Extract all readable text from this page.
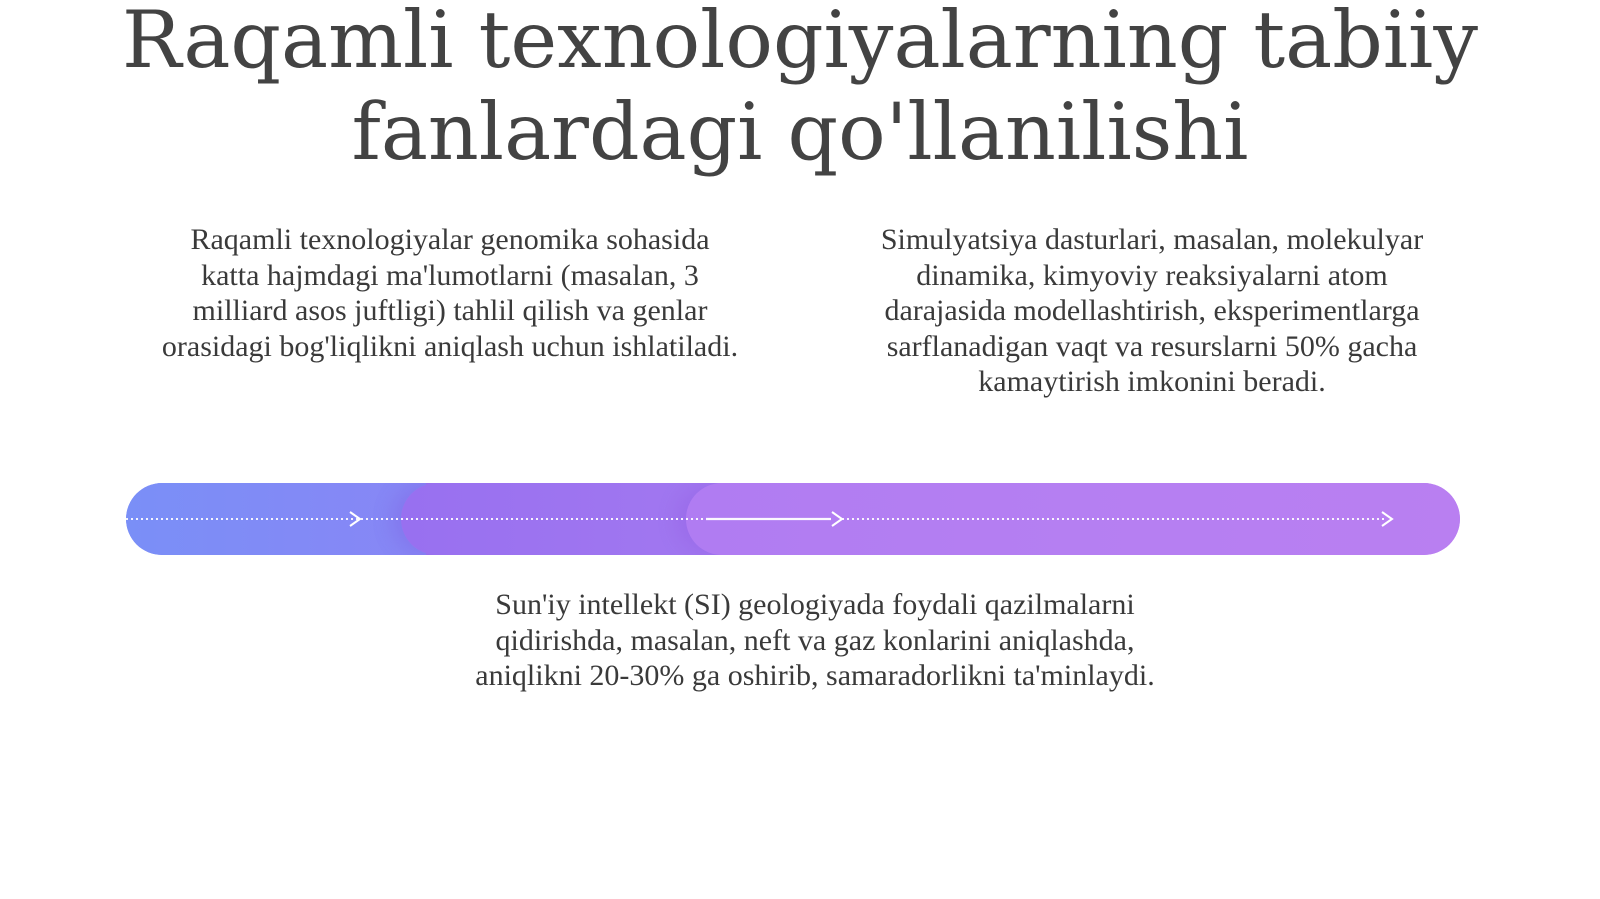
Raqamli texnologiyalarning tabiiy fanlardagi qo'llanilishi
Raqamli texnologiyalar genomika sohasida katta hajmdagi ma'lumotlarni (masalan, 3 milliard asos juftligi) tahlil qilish va genlar orasidagi bog'liqlikni aniqlash uchun ishlatiladi.
Simulyatsiya dasturlari, masalan, molekulyar dinamika, kimyoviy reaksiyalarni atom darajasida modellashtirish, eksperimentlarga sarflanadigan vaqt va resurslarni 50% gacha kamaytirish imkonini beradi.
Sun'iy intellekt (SI) geologiyada foydali qazilmalarni qidirishda, masalan, neft va gaz konlarini aniqlashda, aniqlikni 20-30% ga oshirib, samaradorlikni ta'minlaydi.
